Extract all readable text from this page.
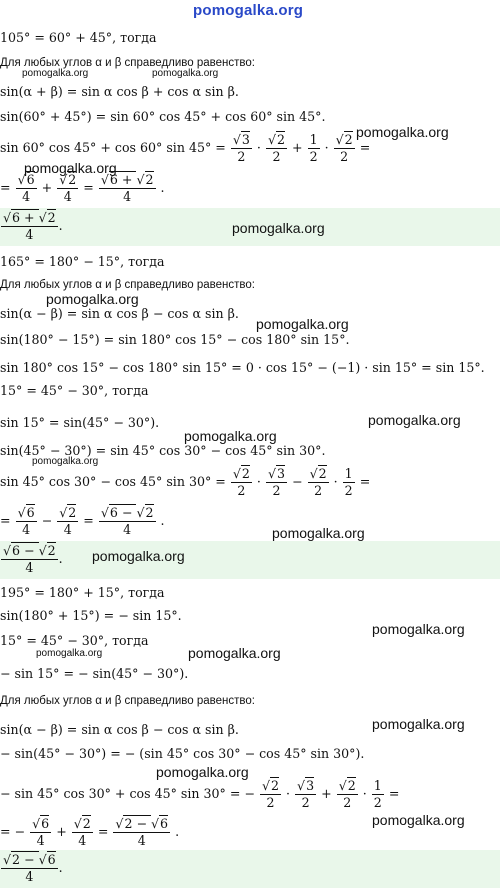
pomogalka.org
105° = 60° + 45°, тогда
Для любых углов α и β справедливо равенство:
pomogalka.org	pomogalka.org
sin(α + β) = sin α cos β + cos α sin β.
sin(60° + 45°) = sin 60° cos 45° + cos 60° sin 45°.
pomogalka.org
sin 60° cos 45° + cos 60° sin 45° = √ $\frac{3}{2}$ · √ $\frac{2}{2} + \frac{1}{2}$ · √ $\frac{2}{2}$ =
pomogalka.org
= √ $\frac{6}{4}$ + √ $\frac{2}{4}$ = √ $\frac{6 + √ 2}{4}$ .
√ $\frac{6 + √ 2}{4}$ .	pomogalka.org
165° = 180° − 15°, тогда
Для любых углов α и β справедливо равенство:
pomogalka.org
sin(α − β) = sin α cos β − cos α sin β.
pomogalka.org
sin(180° − 15°) = sin 180° cos 15° − cos 180° sin 15°.
sin 180° cos 15° − cos 180° sin 15° = 0 · cos 15° − (−1) · sin 15° = sin 15°.
15° = 45° − 30°, тогда
pomogalka.org
sin 15° = sin(45° − 30°).
pomogalka.org
sin(45° − 30°) = sin 45° cos 30° − cos 45° sin 30°.
pomogalka.org
sin 45° cos 30° − cos 45° sin 30° = √ $\frac{2}{2}$ · √ $\frac{3}{2}$ − √ $\frac{2}{2} \cdot \frac{1}{2}$ =
= √ $\frac{6}{4}$ − √ $\frac{2}{4}$ = √ $\frac{6 - √ 2}{4}$ .
pomogalka.org
√ $\frac{6 - √ 2}{4}$ . pomogalka.org
195° = 180° + 15°, тогда
sin(180° + 15°) = − sin 15°.
pomogalka.org
15° = 45° − 30°, тогда
pomogalka.org	pomogalka.org
− sin 15° = − sin(45° − 30°).
Для любых углов α и β справедливо равенство:
pomogalka.org
sin(α − β) = sin α cos β − cos α sin β.
− sin(45° − 30°) = − (sin 45° cos 30° − cos 45° sin 30°).
pomogalka.org
− sin 45° cos 30° + cos 45° sin 30° = − √ $\frac{2}{2}$ · √ $\frac{3}{2}$ + √ $\frac{2}{2} \cdot \frac{1}{2}$ =
pomogalka.org
= − √ $\frac{6}{4}$ + √ $\frac{2}{4}$ = √ $\frac{2 - √ 6}{4}$ .
√ $\frac{2 - √ 6}{4}$ .
